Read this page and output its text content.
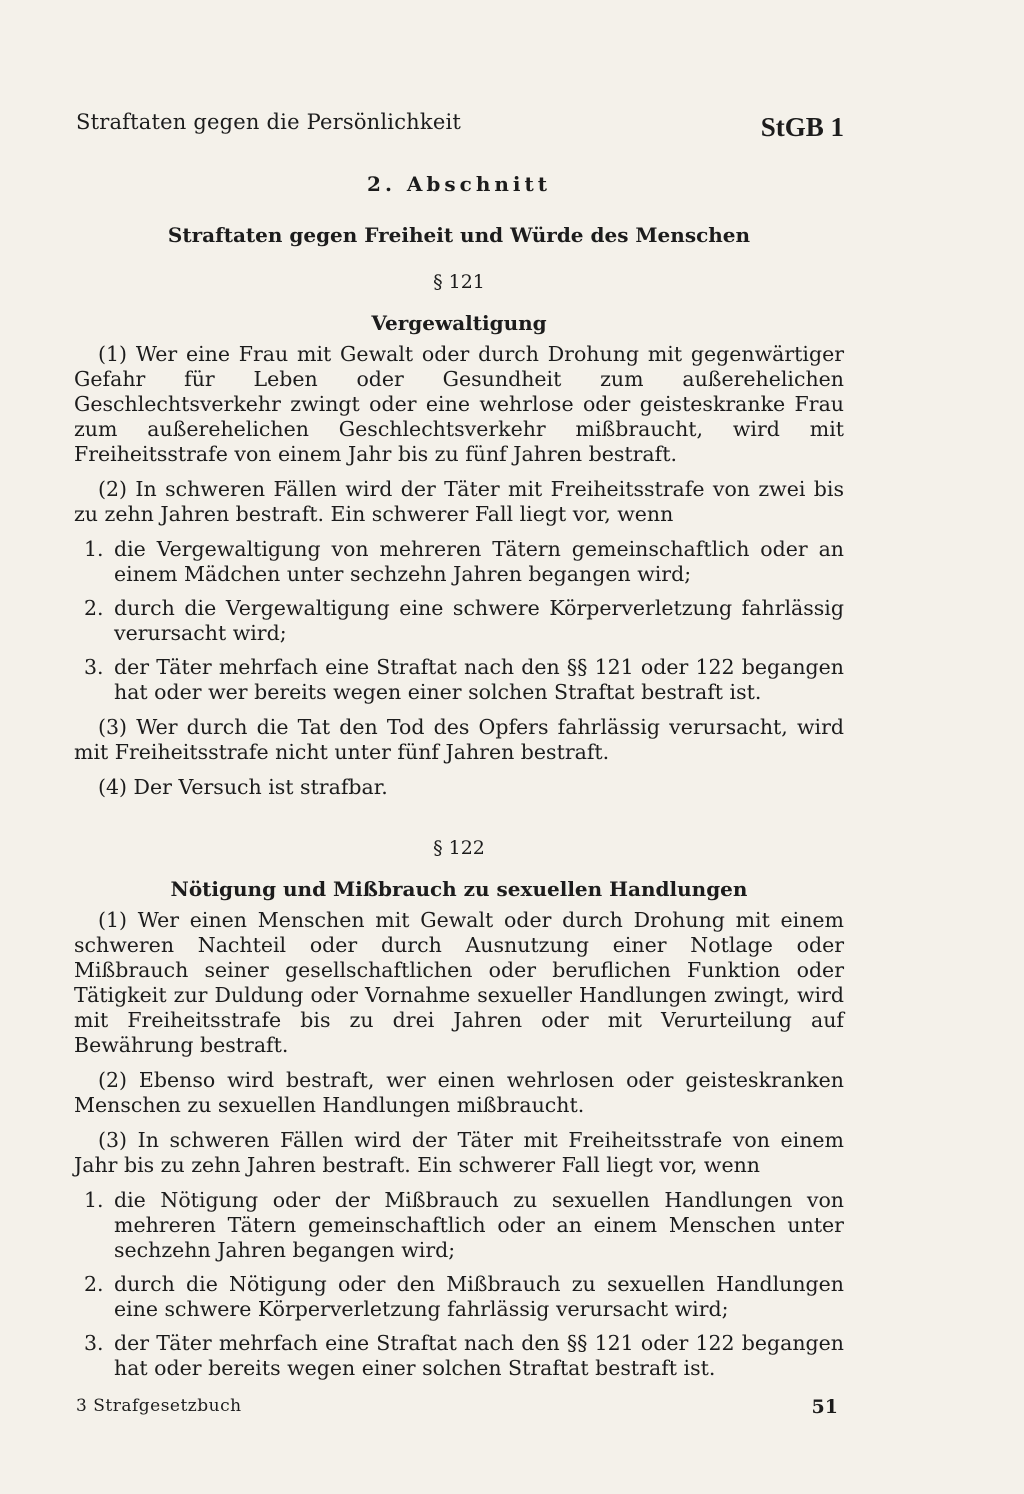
Straftaten gegen die Persönlichkeit	StGB 1
2. Abschnitt
Straftaten gegen Freiheit und Würde des Menschen
§ 121
Vergewaltigung

(1) Wer eine Frau mit Gewalt oder durch Drohung mit gegenwärtiger Gefahr für Leben oder Gesundheit zum außerehelichen Geschlechtsverkehr zwingt oder eine wehrlose oder geisteskranke Frau zum außerehelichen Geschlechtsverkehr mißbraucht, wird mit Freiheitsstrafe von einem Jahr bis zu fünf Jahren bestraft.

(2) In schweren Fällen wird der Täter mit Freiheitsstrafe von zwei bis zu zehn Jahren bestraft. Ein schwerer Fall liegt vor, wenn

1. die Vergewaltigung von mehreren Tätern gemeinschaftlich oder an einem Mädchen unter sechzehn Jahren begangen wird;
2. durch die Vergewaltigung eine schwere Körperverletzung fahrlässig verursacht wird;
3. der Täter mehrfach eine Straftat nach den §§ 121 oder 122 begangen hat oder wer bereits wegen einer solchen Straftat bestraft ist.

(3) Wer durch die Tat den Tod des Opfers fahrlässig verursacht, wird mit Freiheitsstrafe nicht unter fünf Jahren bestraft.

(4) Der Versuch ist strafbar.

§ 122
Nötigung und Mißbrauch zu sexuellen Handlungen

(1) Wer einen Menschen mit Gewalt oder durch Drohung mit einem schweren Nachteil oder durch Ausnutzung einer Notlage oder Mißbrauch seiner gesellschaftlichen oder beruflichen Funktion oder Tätigkeit zur Duldung oder Vornahme sexueller Handlungen zwingt, wird mit Freiheitsstrafe bis zu drei Jahren oder mit Verurteilung auf Bewährung bestraft.

(2) Ebenso wird bestraft, wer einen wehrlosen oder geisteskranken Menschen zu sexuellen Handlungen mißbraucht.

(3) In schweren Fällen wird der Täter mit Freiheitsstrafe von einem Jahr bis zu zehn Jahren bestraft. Ein schwerer Fall liegt vor, wenn

1. die Nötigung oder der Mißbrauch zu sexuellen Handlungen von mehreren Tätern gemeinschaftlich oder an einem Menschen unter sechzehn Jahren begangen wird;
2. durch die Nötigung oder den Mißbrauch zu sexuellen Handlungen eine schwere Körperverletzung fahrlässig verursacht wird;
3. der Täter mehrfach eine Straftat nach den §§ 121 oder 122 begangen hat oder bereits wegen einer solchen Straftat bestraft ist.
3 Strafgesetzbuch	51
